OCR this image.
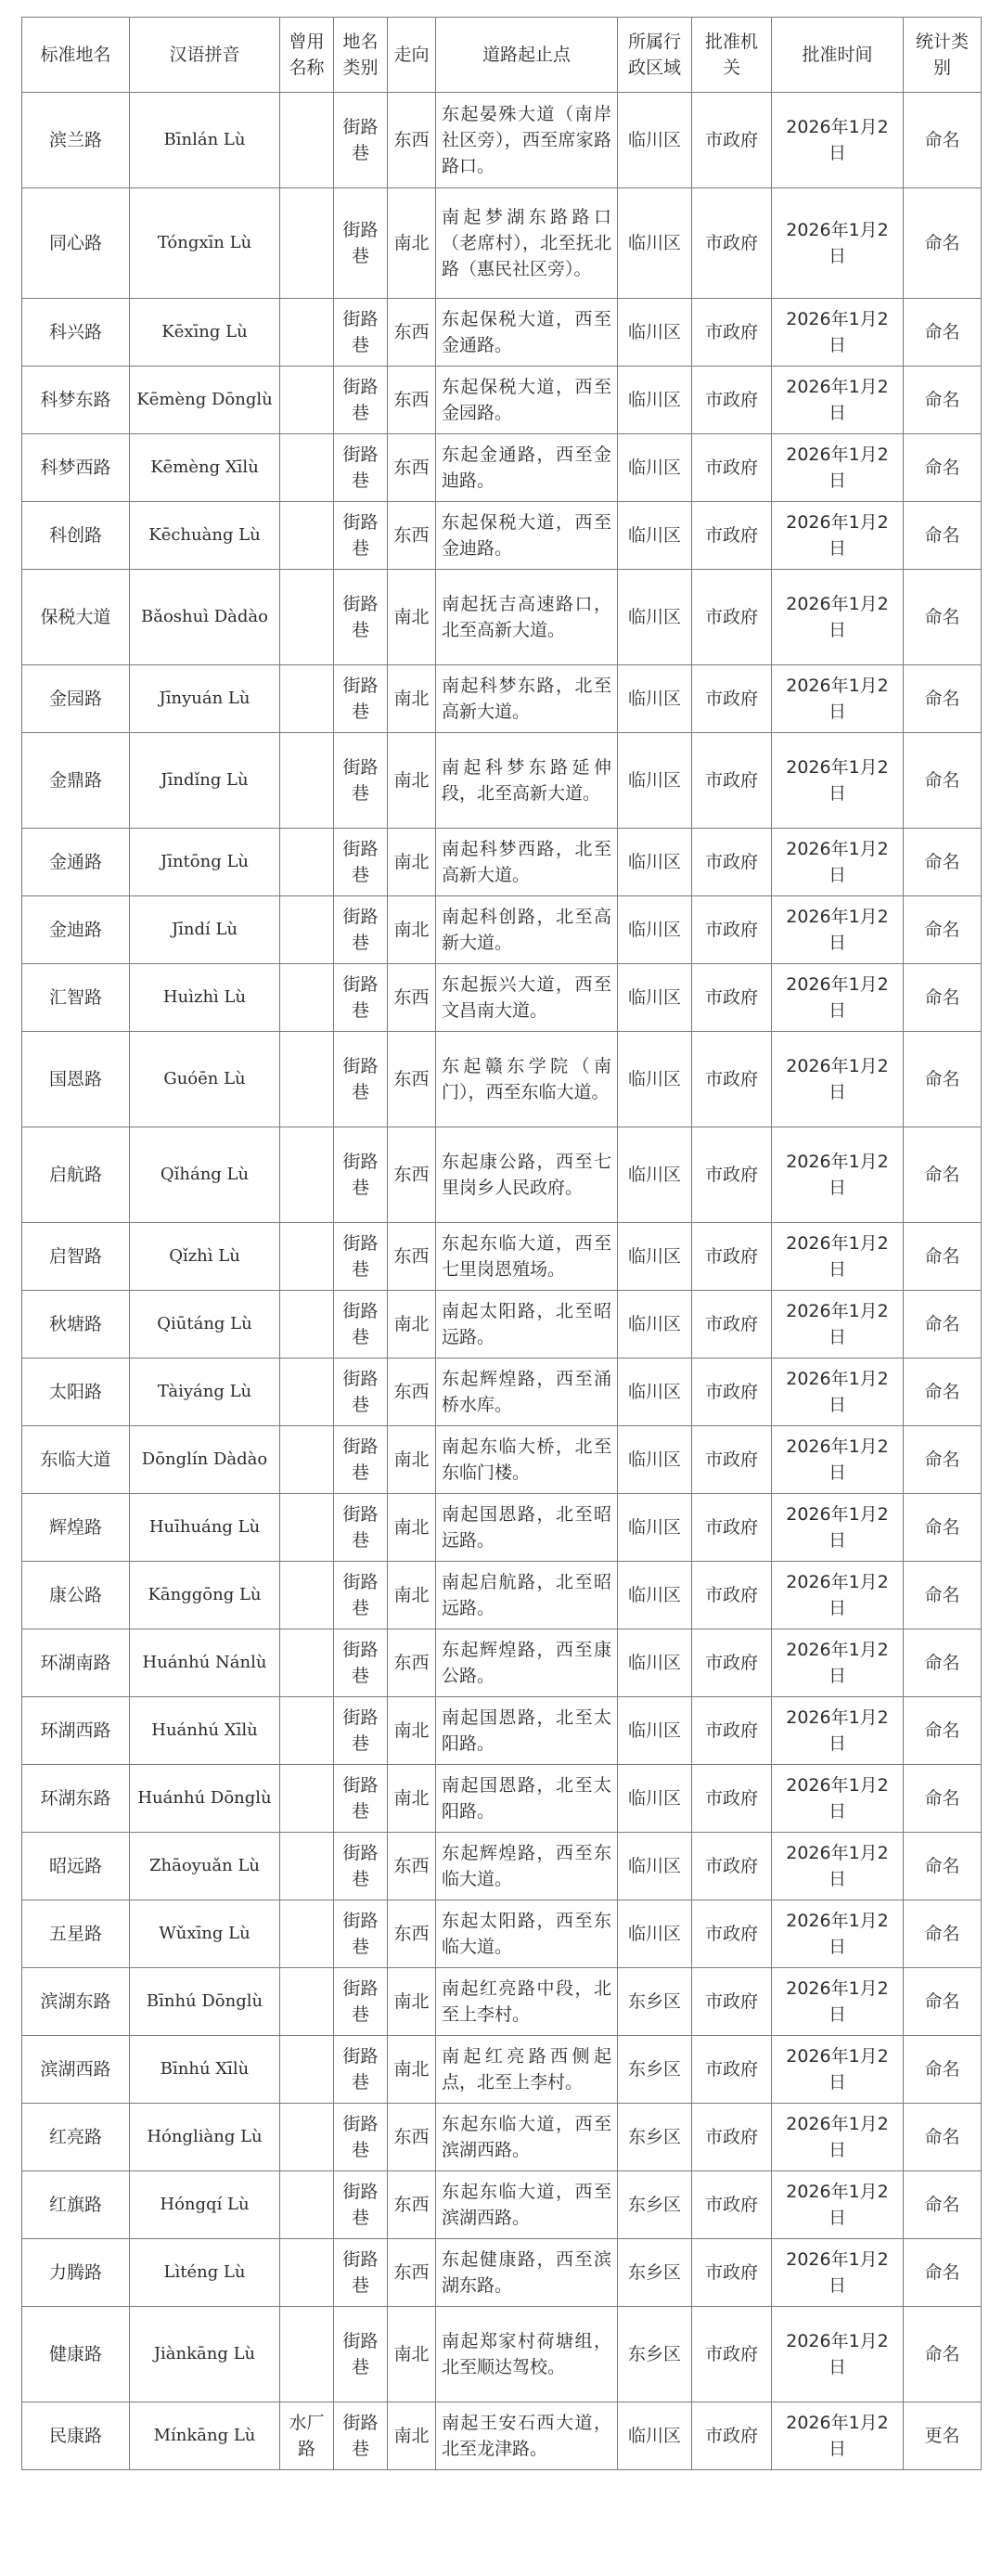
标准地名	汉语拼音	曾用名称	地名类别	走向	道路起止点	所属行政区域	批准机关	批准时间	统计类别
滨兰路	Bīnlán Lù		街路巷	东西	东起晏殊大道（南岸社区旁），西至席家路路口。	临川区	市政府	2026年1月2日	命名
同心路	Tóngxīn Lù		街路巷	南北	南起梦湖东路路口（老席村），北至抚北路（惠民社区旁）。	临川区	市政府	2026年1月2日	命名
科兴路	Kēxīng Lù		街路巷	东西	东起保税大道，西至金通路。	临川区	市政府	2026年1月2日	命名
科梦东路	Kēmèng Dōnglù		街路巷	东西	东起保税大道，西至金园路。	临川区	市政府	2026年1月2日	命名
科梦西路	Kēmèng Xīlù		街路巷	东西	东起金通路，西至金迪路。	临川区	市政府	2026年1月2日	命名
科创路	Kēchuàng Lù		街路巷	东西	东起保税大道，西至金迪路。	临川区	市政府	2026年1月2日	命名
保税大道	Bǎoshuì Dàdào		街路巷	南北	南起抚吉高速路口，北至高新大道。	临川区	市政府	2026年1月2日	命名
金园路	Jīnyuán Lù		街路巷	南北	南起科梦东路，北至高新大道。	临川区	市政府	2026年1月2日	命名
金鼎路	Jīndǐng Lù		街路巷	南北	南起科梦东路延伸段，北至高新大道。	临川区	市政府	2026年1月2日	命名
金通路	Jīntōng Lù		街路巷	南北	南起科梦西路，北至高新大道。	临川区	市政府	2026年1月2日	命名
金迪路	Jīndí Lù		街路巷	南北	南起科创路，北至高新大道。	临川区	市政府	2026年1月2日	命名
汇智路	Huìzhì Lù		街路巷	东西	东起振兴大道，西至文昌南大道。	临川区	市政府	2026年1月2日	命名
国恩路	Guóēn Lù		街路巷	东西	东起赣东学院（南门），西至东临大道。	临川区	市政府	2026年1月2日	命名
启航路	Qǐháng Lù		街路巷	东西	东起康公路，西至七里岗乡人民政府。	临川区	市政府	2026年1月2日	命名
启智路	Qǐzhì Lù		街路巷	东西	东起东临大道，西至七里岗恩殖场。	临川区	市政府	2026年1月2日	命名
秋塘路	Qiūtáng Lù		街路巷	南北	南起太阳路，北至昭远路。	临川区	市政府	2026年1月2日	命名
太阳路	Tàiyáng Lù		街路巷	东西	东起辉煌路，西至涌桥水库。	临川区	市政府	2026年1月2日	命名
东临大道	Dōnglín Dàdào		街路巷	南北	南起东临大桥，北至东临门楼。	临川区	市政府	2026年1月2日	命名
辉煌路	Huīhuáng Lù		街路巷	南北	南起国恩路，北至昭远路。	临川区	市政府	2026年1月2日	命名
康公路	Kānggōng Lù		街路巷	南北	南起启航路，北至昭远路。	临川区	市政府	2026年1月2日	命名
环湖南路	Huánhú Nánlù		街路巷	东西	东起辉煌路，西至康公路。	临川区	市政府	2026年1月2日	命名
环湖西路	Huánhú Xīlù		街路巷	南北	南起国恩路，北至太阳路。	临川区	市政府	2026年1月2日	命名
环湖东路	Huánhú Dōnglù		街路巷	南北	南起国恩路，北至太阳路。	临川区	市政府	2026年1月2日	命名
昭远路	Zhāoyuǎn Lù		街路巷	东西	东起辉煌路，西至东临大道。	临川区	市政府	2026年1月2日	命名
五星路	Wǔxīng Lù		街路巷	东西	东起太阳路，西至东临大道。	临川区	市政府	2026年1月2日	命名
滨湖东路	Bīnhú Dōnglù		街路巷	南北	南起红亮路中段，北至上李村。	东乡区	市政府	2026年1月2日	命名
滨湖西路	Bīnhú Xīlù		街路巷	南北	南起红亮路西侧起点，北至上李村。	东乡区	市政府	2026年1月2日	命名
红亮路	Hóngliàng Lù		街路巷	东西	东起东临大道，西至滨湖西路。	东乡区	市政府	2026年1月2日	命名
红旗路	Hóngqí Lù		街路巷	东西	东起东临大道，西至滨湖西路。	东乡区	市政府	2026年1月2日	命名
力腾路	Lìténg Lù		街路巷	东西	东起健康路，西至滨湖东路。	东乡区	市政府	2026年1月2日	命名
健康路	Jiànkāng Lù		街路巷	南北	南起郑家村荷塘组，北至顺达驾校。	东乡区	市政府	2026年1月2日	命名
民康路	Mínkāng Lù	水厂路	街路巷	南北	南起王安石西大道，北至龙津路。	临川区	市政府	2026年1月2日	更名
